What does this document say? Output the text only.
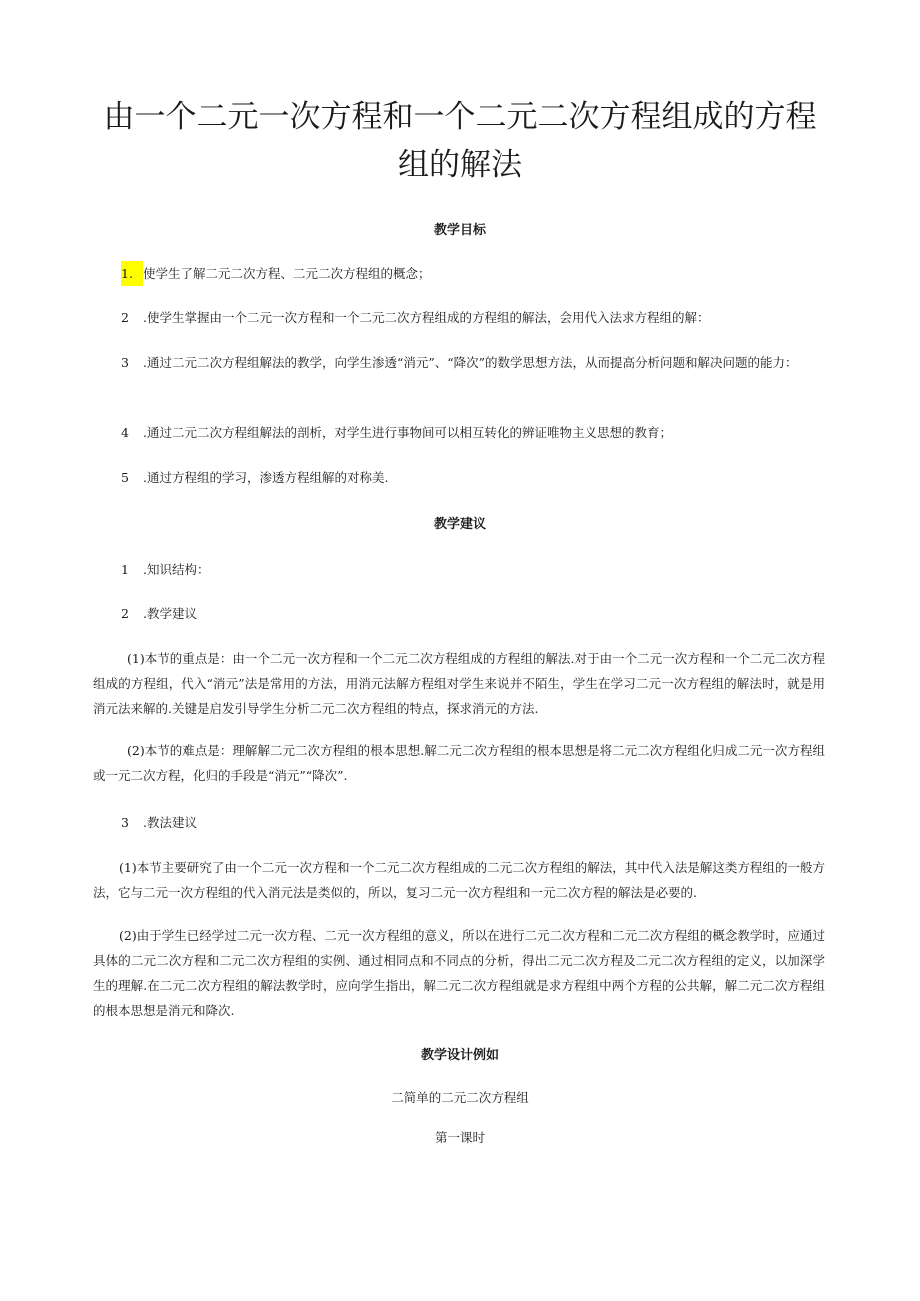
由一个二元一次方程和一个二元二次方程组成的方程组的解法
教学目标

1. 使学生了解二元二次方程、二元二次方程组的概念；

2 .使学生掌握由一个二元一次方程和一个二元二次方程组成的方程组的解法，会用代入法求方程组的解：

3 .通过二元二次方程组解法的教学，向学生渗透“消元”、“降次”的数学思想方法，从而提高分析问题和解决问题的能力：

4 .通过二元二次方程组解法的剖析，对学生进行事物间可以相互转化的辨证唯物主义思想的教育；

5 .通过方程组的学习，渗透方程组解的对称美.

教学建议

1 .知识结构：

2 .教学建议

(1)本节的重点是：由一个二元一次方程和一个二元二次方程组成的方程组的解法.对于由一个二元一次方程和一个二元二次方程组成的方程组，代入“消元”法是常用的方法，用消元法解方程组对学生来说并不陌生，学生在学习二元一次方程组的解法时，就是用消元法来解的.关键是启发引导学生分析二元二次方程组的特点，探求消元的方法.

(2)本节的难点是：理解解二元二次方程组的根本思想.解二元二次方程组的根本思想是将二元二次方程组化归成二元一次方程组或一元二次方程，化归的手段是“消元”“降次”.

3 .教法建议

(1)本节主要研究了由一个二元一次方程和一个二元二次方程组成的二元二次方程组的解法，其中代入法是解这类方程组的一般方法，它与二元一次方程组的代入消元法是类似的，所以，复习二元一次方程组和一元二次方程的解法是必要的.

(2)由于学生已经学过二元一次方程、二元一次方程组的意义，所以在进行二元二次方程和二元二次方程组的概念教学时，应通过具体的二元二次方程和二元二次方程组的实例、通过相同点和不同点的分析，得出二元二次方程及二元二次方程组的定义，以加深学生的理解.在二元二次方程组的解法教学时，应向学生指出，解二元二次方程组就是求方程组中两个方程的公共解，解二元二次方程组的根本思想是消元和降次.

教学设计例如

二简单的二元二次方程组

第一课时
